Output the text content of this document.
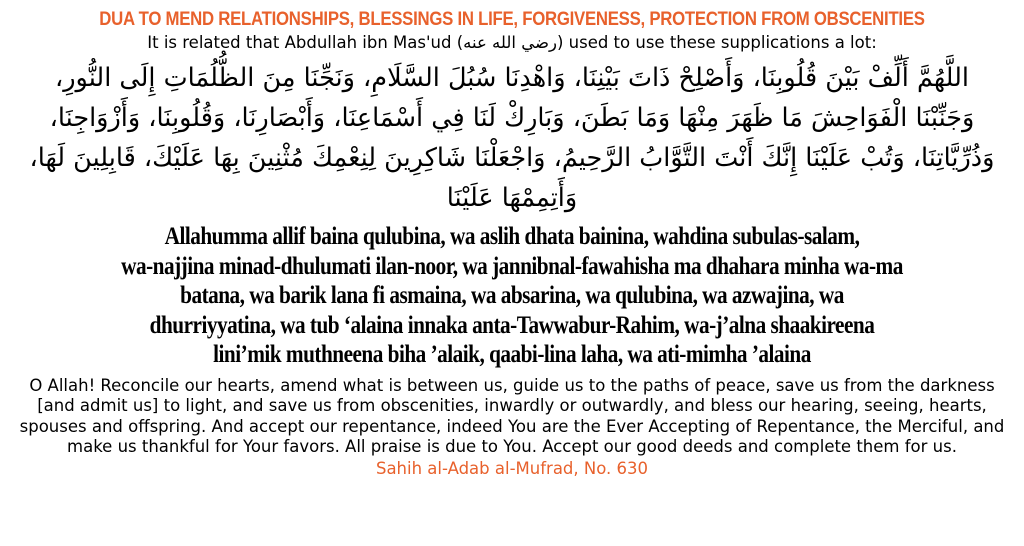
DUA TO MEND RELATIONSHIPS, BLESSINGS IN LIFE, FORGIVENESS, PROTECTION FROM OBSCENITIES
It is related that Abdullah ibn Mas'ud (رضي الله عنه) used to use these supplications a lot:
اللَّهُمَّ أَلِّفْ بَيْنَ قُلُوبِنَا، وَأَصْلِحْ ذَاتَ بَيْنِنَا، وَاهْدِنَا سُبُلَ السَّلَامِ، وَنَجِّنَا مِنَ الظُّلُمَاتِ إِلَى النُّورِ، وَجَنِّبْنَا الْفَوَاحِشَ مَا ظَهَرَ مِنْهَا وَمَا بَطَنَ، وَبَارِكْ لَنَا فِي أَسْمَاعِنَا، وَأَبْصَارِنَا، وَقُلُوبِنَا، وَأَزْوَاجِنَا، وَذُرِّيَّاتِنَا، وَتُبْ عَلَيْنَا إِنَّكَ أَنْتَ التَّوَّابُ الرَّحِيمُ، وَاجْعَلْنَا شَاكِرِينَ لِنِعْمِكَ مُثْنِينَ بِهَا عَلَيْكَ، قَابِلِينَ لَهَا، وَأَتِمِمْهَا عَلَيْنَا
Allahumma allif baina qulubina, wa aslih dhata bainina, wahdina subulas-salam,
wa-najjina minad-dhulumati ilan-noor, wa jannibnal-fawahisha ma dhahara minha wa-ma
batana, wa barik lana fi asmaina, wa absarina, wa qulubina, wa azwajina, wa
dhurriyyatina, wa tub ‘alaina innaka anta-Tawwabur-Rahim, wa-j’alna shaakireena
lini’mik muthneena biha ’alaik, qaabi-lina laha, wa ati-mimha ’alaina
O Allah! Reconcile our hearts, amend what is between us, guide us to the paths of peace, save us from the darkness [and admit us] to light, and save us from obscenities, inwardly or outwardly, and bless our hearing, seeing, hearts, spouses and offspring. And accept our repentance, indeed You are the Ever Accepting of Repentance, the Merciful, and make us thankful for Your favors. All praise is due to You. Accept our good deeds and complete them for us.
Sahih al-Adab al-Mufrad, No. 630
